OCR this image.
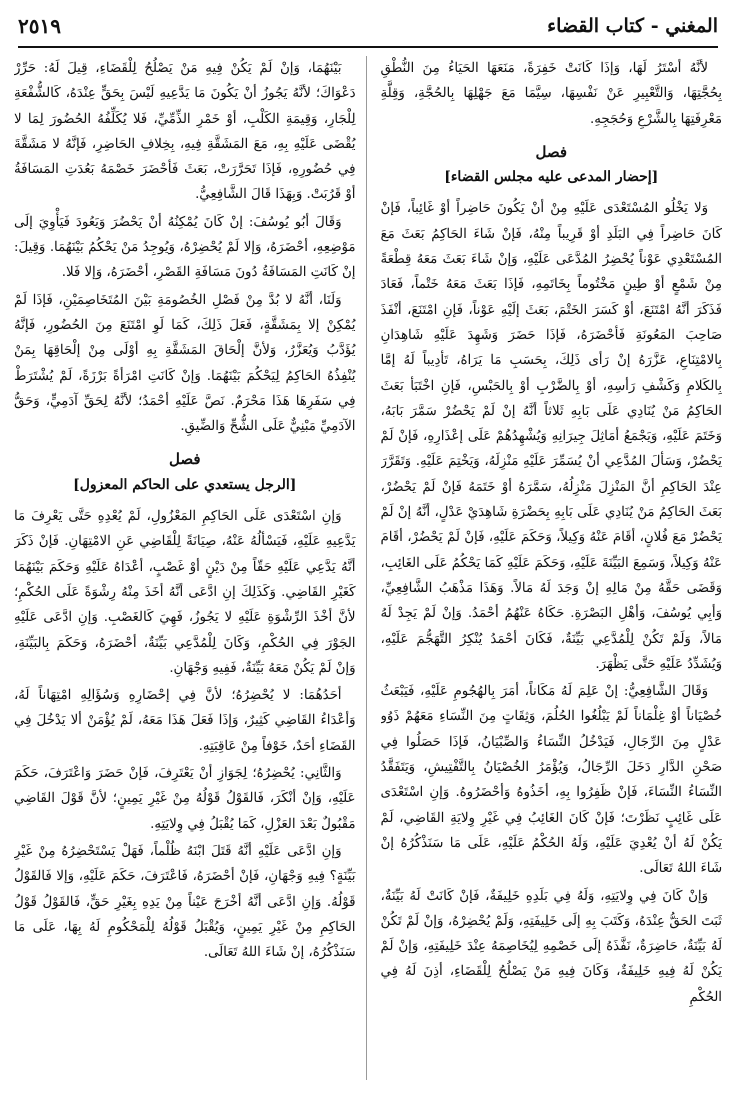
المغني - كتاب القضاء
٢٥١٩

لأنَّهُ أسْتَرُ لَهَا، وَإذَا كَانَتْ خَفِرَةً، مَنَعَهَا الحَيَاءُ مِنَ النُّطْقِ بِحُجَّتِهَا، وَالتَّعْبِيرِ عَنْ نَفْسِهَا، سِيَّمَا مَعَ جَهْلِهَا بِالحُجَّةِ، وَقِلَّةِ مَعْرِفَتِهَا بِالشَّرْعِ وَحُجَجِهِ.

فصل
[إحضار المدعى عليه مجلس القضاء]

وَلا يَخْلُو المُسْتَعْدَى عَلَيْهِ مِنْ أنْ يَكُونَ حَاضِراً أوْ غَائِباً، فَإنْ كَانَ حَاضِراً فِي البَلَدِ أوْ قَرِيباً مِنْهُ، فَإنْ شَاءَ الحَاكِمُ بَعَثَ مَعَ المُسْتَعْدِي عَوْناً يُحْضِرُ المُدَّعَى عَلَيْهِ، وَإنْ شَاءَ بَعَثَ مَعَهُ قِطْعَةً مِنْ شَمْعٍ أوْ طِينٍ مَخْتُوماً بِخَاتَمِهِ، فَإذَا بَعَثَ مَعَهُ خَتْماً، فَعَادَ فَذَكَرَ أنَّهُ امْتَنَعَ، أوْ كَسَرَ الخَتْمَ، بَعَثَ إلَيْهِ عَوْناً، فَإنِ امْتَنَعَ، أنْفَذَ صَاحِبَ المَعُونَةِ فَأحْضَرَهُ، فَإذَا حَضَرَ وَشَهِدَ عَلَيْهِ شَاهِدَانِ بِالامْتِنَاعِ، عَزَّرَهُ إنْ رَأى ذَلِكَ، بِحَسَبِ مَا يَرَاهُ، تَأدِيباً لَهُ إمَّا بِالكَلامِ وَكَشْفِ رَأسِهِ، أوْ بِالضَّرْبِ أوْ بِالحَبْسِ، فَإنِ اخْتَبَأ بَعَثَ الحَاكِمُ مَنْ يُنَادِي عَلَى بَابِهِ ثَلاثاً أنَّهُ إنْ لَمْ يَحْضُرْ سَمَّرَ بَابَهُ، وَخَتَمَ عَلَيْهِ، وَيَجْمَعُ أمَاثِلَ جِيرَانِهِ وَيُشْهِدُهُمْ عَلَى إعْذَارِهِ، فَإنْ لَمْ يَحْضُرْ، وَسَألَ المُدَّعِي أنْ يُسَمِّرَ عَلَيْهِ مَنْزِلَهُ، وَيَخْتِمَ عَلَيْهِ. وَتَقَرَّرَ عِنْدَ الحَاكِمِ أنَّ المَنْزِلَ مَنْزِلُهُ، سَمَّرَهُ أوْ خَتَمَهُ فَإنْ لَمْ يَحْضُرْ، بَعَثَ الحَاكِمُ مَنْ يُنَادِي عَلَى بَابِهِ بِحَضْرَةِ شَاهِدَيْ عَدْلٍ، أنَّهُ إنْ لَمْ يَحْضُرْ مَعَ فُلانٍ، أقَامَ عَنْهُ وَكِيلاً، وَحَكَمَ عَلَيْهِ، فَإنْ لَمْ يَحْضُرْ، أقَامَ عَنْهُ وَكِيلاً، وَسَمِعَ البَيِّنَةَ عَلَيْهِ، وَحَكَمَ عَلَيْهِ كَمَا يَحْكُمُ عَلَى الغَائِبِ، وَقَضَى حَقَّهُ مِنْ مَالِهِ إنْ وَجَدَ لَهُ مَالاً. وَهَذَا مَذْهَبُ الشَّافِعِيِّ، وَأبِي يُوسُفَ، وَأهْلِ البَصْرَةِ. حَكَاهُ عَنْهُمُ أحْمَدُ. وَإنْ لَمْ يَجِدْ لَهُ مَالاً، وَلَمْ تَكُنْ لِلْمُدَّعِي بَيِّنَةٌ، فَكَانَ أحْمَدُ يُنْكِرُ التَّهَجُّمَ عَلَيْهِ، وَيُشَدِّدُ عَلَيْهِ حَتَّى يَظْهَرَ.

وَقَالَ الشَّافِعِيُّ: إنْ عَلِمَ لَهُ مَكَاناً، أمَرَ بِالهُجُومِ عَلَيْهِ، فَيَبْعَثُ خُصْيَاناً أوْ غِلْمَاناً لَمْ يَبْلُغُوا الحُلُمَ، وَثِقَاتٍ مِنَ النِّسَاءِ مَعَهُمْ ذَوُو عَدْلٍ مِنَ الرِّجَالِ، فَيَدْخُلُ النِّسَاءُ وَالصِّبْيَانُ، فَإذَا حَصَلُوا فِي صَحْنِ الدَّارِ دَخَلَ الرِّجَالُ، وَيُؤْمَرُ الخُصْيَانُ بِالتَّفْتِيشِ، وَيَتَفَقَّدُ النِّسَاءُ النِّسَاءَ، فَإنْ ظَفِرُوا بِهِ، أخَذُوهُ وَأحْضَرُوهُ. وَإنِ اسْتَعْدَى عَلَى غَائِبٍ نَظَرْتَ؛ فَإنْ كَانَ الغَائِبُ فِي غَيْرِ وِلايَةِ القَاضِي، لَمْ يَكُنْ لَهُ أنْ يُعْدِيَ عَلَيْهِ، وَلَهُ الحُكْمُ عَلَيْهِ، عَلَى مَا سَنَذْكُرُهُ إنْ شَاءَ اللهُ تَعَالَى.

وَإنْ كَانَ فِي وِلايَتِهِ، وَلَهُ فِي بَلَدِهِ خَلِيفَةٌ، فَإنْ كَانَتْ لَهُ بَيِّنَةٌ، ثَبَتَ الحَقُّ عِنْدَهُ، وَكَتَبَ بِهِ إلَى خَلِيفَتِهِ، وَلَمْ يُحْضِرْهُ، وَإنْ لَمْ تَكُنْ لَهُ بَيِّنَةٌ، حَاضِرَةٌ، نَفَّذَهُ إلَى خَصْمِهِ لِيُخَاصِمَهُ عِنْدَ خَلِيفَتِهِ، وَإنْ لَمْ يَكُنْ لَهُ فِيهِ خَلِيفَةٌ، وَكَانَ فِيهِ مَنْ يَصْلُحُ لِلْقَضَاءِ، أذِنَ لَهُ فِي الحُكْمِ

بَيْنَهُمَا، وَإنْ لَمْ يَكُنْ فِيهِ مَنْ يَصْلُحُ لِلْقَضَاءِ، قِيلَ لَهُ: حَرِّرْ دَعْوَاكَ؛ لأنَّهُ يَجُوزُ أنْ يَكُونَ مَا يَدَّعِيهِ لَيْسَ بِحَقٍّ عِنْدَهُ، كَالشُّفْعَةِ لِلْجَارِ، وَقِيمَةِ الكَلْبِ، أوْ خَمْرِ الذِّمِّيِّ، فَلا يُكَلِّفُهُ الحُضُورَ لِمَا لا يُقْضَى عَلَيْهِ بِهِ، مَعَ المَشَقَّةِ فِيهِ، بِخِلافِ الحَاضِرِ، فَإنَّهُ لا مَشَقَّةَ فِي حُضُورِهِ، فَإذَا تَحَرَّرَتْ، بَعَثَ فَأحْضَرَ خَصْمَهُ بَعُدَتِ المَسَافَةُ أوْ قَرُبَتْ. وَبِهَذَا قَالَ الشَّافِعِيُّ.

وَقَالَ أبُو يُوسُفَ: إنْ كَانَ يُمْكِنُهُ أنْ يَحْضُرَ وَيَعُودَ فَيَأْوِيَ إلَى مَوْضِعِهِ، أحْضَرَهُ، وَإلا لَمْ يُحْضِرْهُ، وَيُوجِدُ مَنْ يَحْكُمُ بَيْنَهُمَا. وَقِيلَ: إنْ كَانَتِ المَسَافَةُ دُونَ مَسَافَةِ القَصْرِ، أحْضَرَهُ، وَإلا فَلا.

وَلَنَا، أنَّهُ لا بُدَّ مِنْ فَصْلِ الخُصُومَةِ بَيْنَ المُتَخَاصِمَيْنِ، فَإذَا لَمْ يُمْكِنْ إلا بِمَشَقَّةٍ، فَعَلَ ذَلِكَ، كَمَا لَوِ امْتَنَعَ مِنَ الحُضُورِ، فَإنَّهُ يُؤَدَّبُ وَيُعَزَّرُ، وَلأنَّ إلْحَاقَ المَشَقَّةِ بِهِ أوْلَى مِنْ إلْحَاقِهَا بِمَنْ يُنْفِذُهُ الحَاكِمُ لِيَحْكُمَ بَيْنَهُمَا. وَإنْ كَانَتِ امْرَأةً بَرْزَةً، لَمْ يُشْتَرَطْ فِي سَفَرِهَا هَذَا مَحْرَمٌ. نَصَّ عَلَيْهِ أحْمَدُ؛ لأنَّهُ لِحَقِّ آدَمِيٍّ، وَحَقُّ الآدَمِيِّ مَبْنِيٌّ عَلَى الشُّحِّ وَالضِّيقِ.

فصل
[الرجل يستعدي على الحاكم المعزول]

وَإنِ اسْتَعْدَى عَلَى الحَاكِمِ المَعْزُولِ، لَمْ يُعْدِهِ حَتَّى يَعْرِفَ مَا يَدَّعِيهِ عَلَيْهِ، فَيَسْألُهُ عَنْهُ، صِيَانَةً لِلْقَاضِي عَنِ الامْتِهَانِ. فَإنْ ذَكَرَ أنَّهُ يَدَّعِي عَلَيْهِ حَقّاً مِنْ دَيْنٍ أوْ غَصْبٍ، أعْدَاهُ عَلَيْهِ وَحَكَمَ بَيْنَهُمَا كَغَيْرِ القَاضِي. وَكَذَلِكَ إنِ ادَّعَى أنَّهُ أخَذَ مِنْهُ رِشْوَةً عَلَى الحُكْمِ؛ لأنَّ أخْذَ الرِّشْوَةِ عَلَيْهِ لا يَجُوزُ، فَهِيَ كَالغَصْبِ. وَإنِ ادَّعَى عَلَيْهِ الجَوْرَ فِي الحُكْمِ، وَكَانَ لِلْمُدَّعِي بَيِّنَةٌ، أحْضَرَهُ، وَحَكَمَ بِالبَيِّنَةِ، وَإنْ لَمْ يَكُنْ مَعَهُ بَيِّنَةٌ، فَفِيهِ وَجْهَانِ.

أحَدُهُمَا: لا يُحْضِرُهُ؛ لأنَّ فِي إحْضَارِهِ وَسُؤَالِهِ امْتِهَاناً لَهُ، وَأعْدَاءُ القَاضِي كَثِيرٌ، وَإذَا فَعَلَ هَذَا مَعَهُ، لَمْ يُؤْمَنْ ألا يَدْخُلَ فِي القَضَاءِ أحَدٌ، خَوْفاً مِنْ عَاقِبَتِهِ.

وَالثَّانِي: يُحْضِرُهُ؛ لِجَوَازِ أنْ يَعْتَرِفَ، فَإنْ حَضَرَ وَاعْتَرَفَ، حَكَمَ عَلَيْهِ، وَإنْ أنْكَرَ، فَالقَوْلُ قَوْلُهُ مِنْ غَيْرِ يَمِينٍ؛ لأنَّ قَوْلَ القَاضِي مَقْبُولٌ بَعْدَ العَزْلِ، كَمَا يُقْبَلُ فِي وِلايَتِهِ.

وَإنِ ادَّعَى عَلَيْهِ أنَّهُ قَتَلَ ابْنَهُ ظُلْماً، فَهَلْ يَسْتَحْضِرُهُ مِنْ غَيْرِ بَيِّنَةٍ؟ فِيهِ وَجْهَانِ، فَإنْ أحْضَرَهُ، فَاعْتَرَفَ، حَكَمَ عَلَيْهِ، وَإلا فَالقَوْلُ قَوْلُهُ. وَإنِ ادَّعَى أنَّهُ أخْرَجَ عَيْناً مِنْ يَدِهِ بِغَيْرِ حَقٍّ، فَالقَوْلُ قَوْلُ الحَاكِمِ مِنْ غَيْرِ يَمِينٍ، وَيُقْبَلُ قَوْلُهُ لِلْمَحْكُومِ لَهُ بِهَا، عَلَى مَا سَنَذْكُرُهُ، إنْ شَاءَ اللهُ تَعَالَى.
